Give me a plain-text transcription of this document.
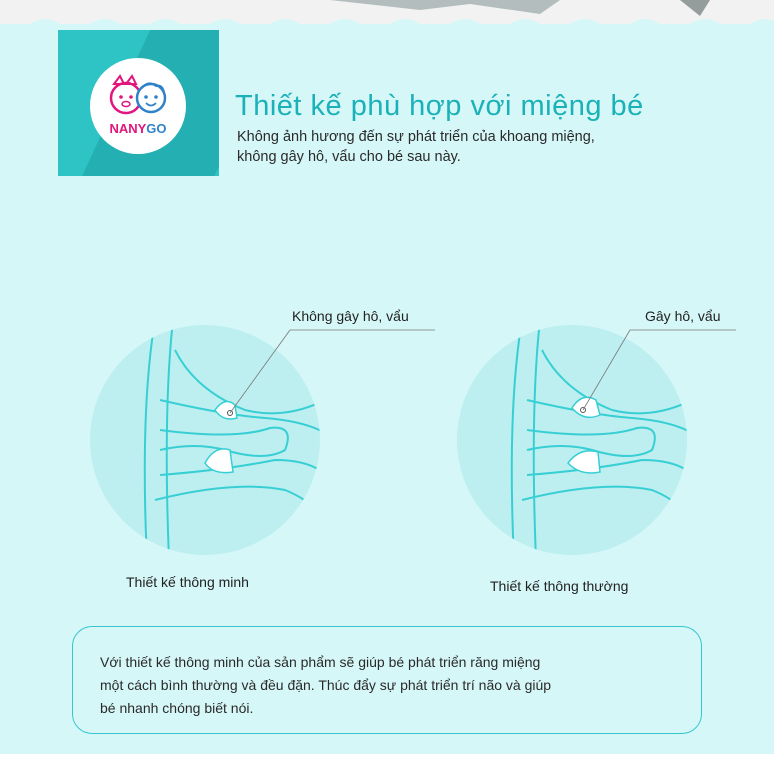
NANYGO
Thiết kế phù hợp với miệng bé
Không ảnh hương đến sự phát triển của khoang miệng,
không gây hô, vẩu cho bé sau này.
Không gây hô, vẩu
Thiết kế thông minh
Gây hô, vẩu
Thiết kế thông thường
Với thiết kế thông minh của sản phẩm sẽ giúp bé phát triển răng miệng
một cách bình thường và đều đặn. Thúc đẩy sự phát triển trí não và giúp
bé nhanh chóng biết nói.
